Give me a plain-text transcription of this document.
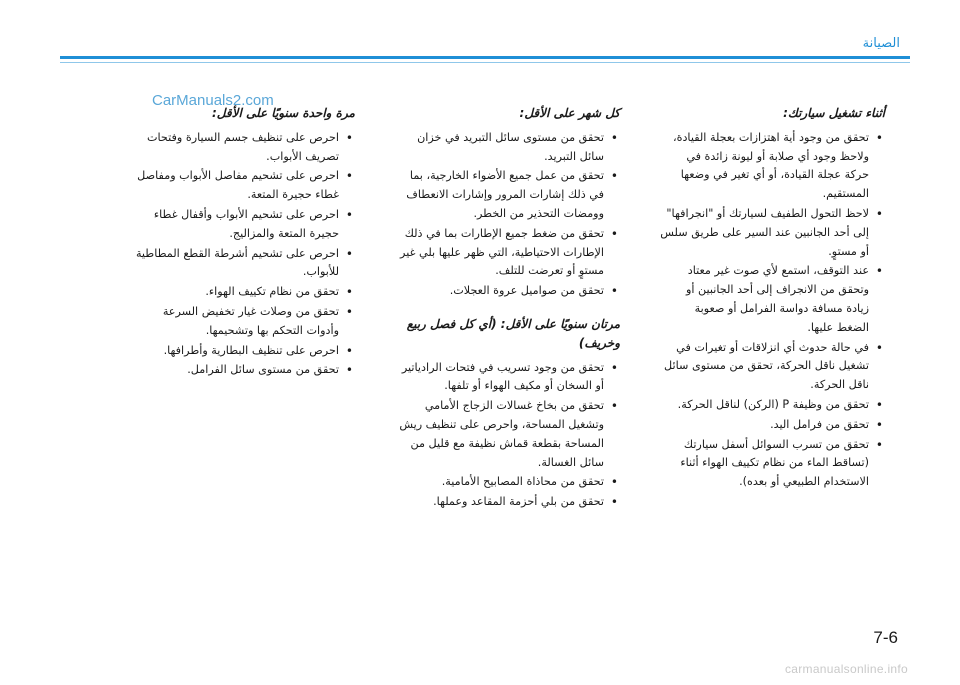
الصيانة
CarManuals2.com
أثناء تشغيل سيارتك:
• تحقق من وجود أية اهتزازات بعجلة القيادة، ولاحظ وجود أي صلابة أو ليونة زائدة في حركة عجلة القيادة، أو أي تغير في وضعها المستقيم.
• لاحظ التحول الطفيف لسيارتك أو "انجرافها" إلى أحد الجانبين عند السير على طريق سلس أو مستوٍ.
• عند التوقف، استمع لأي صوت غير معتاد وتحقق من الانجراف إلى أحد الجانبين أو زيادة مسافة دواسة الفرامل أو صعوبة الضغط عليها.
• في حالة حدوث أي انزلاقات أو تغيرات في تشغيل ناقل الحركة، تحقق من مستوى سائل ناقل الحركة.
• تحقق من وظيفة P (الركن) لناقل الحركة.
• تحقق من فرامل اليد.
• تحقق من تسرب السوائل أسفل سيارتك (تساقط الماء من نظام تكييف الهواء أثناء الاستخدام الطبيعي أو بعده).
كل شهر على الأقل:
• تحقق من مستوى سائل التبريد في خزان سائل التبريد.
• تحقق من عمل جميع الأضواء الخارجية، بما في ذلك إشارات المرور وإشارات الانعطاف وومضات التحذير من الخطر.
• تحقق من ضغط جميع الإطارات بما في ذلك الإطارات الاحتياطية، التي ظهر عليها بلي غير مستوٍ أو تعرضت للتلف.
• تحقق من صواميل عروة العجلات.
مرتان سنويًا على الأقل: (أي كل فصل ربيع وخريف)
• تحقق من وجود تسريب في فتحات الرادياتير أو السخان أو مكيف الهواء أو تلفها.
• تحقق من بخاخ غسالات الزجاج الأمامي وتشغيل المساحة، واحرص على تنظيف ريش المساحة بقطعة قماش نظيفة مع قليل من سائل الغسالة.
• تحقق من محاذاة المصابيح الأمامية.
• تحقق من بلي أحزمة المقاعد وعملها.
مرة واحدة سنويًا على الأقل:
• احرص على تنظيف جسم السيارة وفتحات تصريف الأبواب.
• احرص على تشحيم مفاصل الأبواب ومفاصل غطاء حجيرة المتعة.
• احرص على تشحيم الأبواب وأقفال غطاء حجيرة المتعة والمزاليج.
• احرص على تشحيم أشرطة القطع المطاطية للأبواب.
• تحقق من نظام تكييف الهواء.
• تحقق من وصلات غيار تخفيض السرعة وأدوات التحكم بها وتشحيمها.
• احرص على تنظيف البطارية وأطرافها.
• تحقق من مستوى سائل الفرامل.
7-6
carmanualsonline.info
